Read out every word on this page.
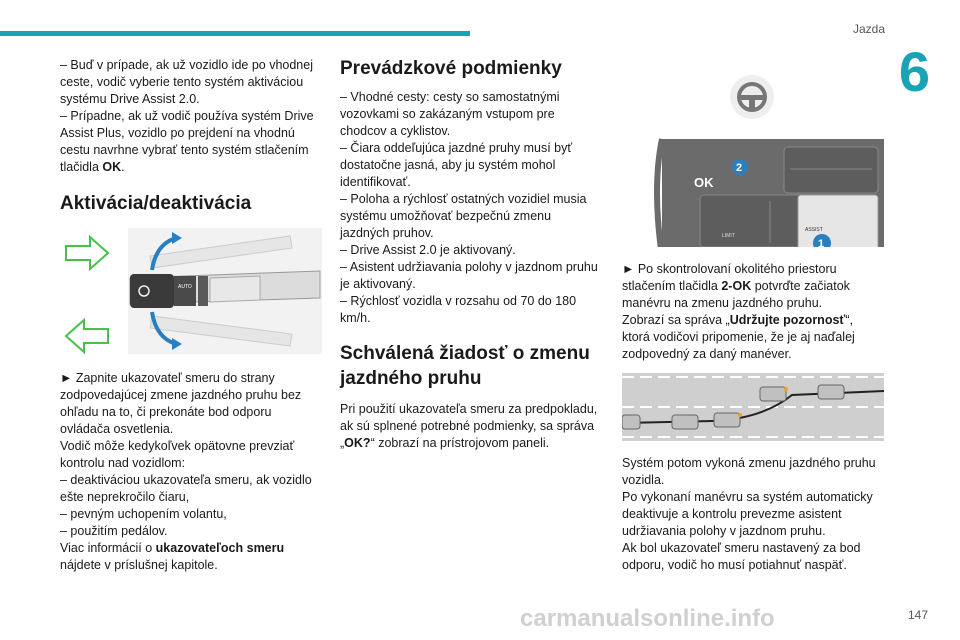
Jazda
6

– Buď v prípade, ak už vozidlo ide po vhodnej ceste, vodič vyberie tento systém aktiváciou systému Drive Assist 2.0.

– Prípadne, ak už vodič používa systém Drive Assist Plus, vozidlo po prejdení na vhodnú cestu navrhne vybrať tento systém stlačením tlačidla OK.

Aktivácia/deaktivácia
AUTO

► Zapnite ukazovateľ smeru do strany zodpovedajúcej zmene jazdného pruhu bez ohľadu na to, či prekonáte bod odporu ovládača osvetlenia.

Vodič môže kedykoľvek opätovne prevziať kontrolu nad vozidlom:

– deaktiváciou ukazovateľa smeru, ak vozidlo ešte neprekročilo čiaru,

– pevným uchopením volantu,

– použitím pedálov.

Viac informácií o ukazovateľoch smeru nájdete v príslušnej kapitole.

Prevádzkové podmienky

– Vhodné cesty: cesty so samostatnými vozovkami so zakázaným vstupom pre chodcov a cyklistov.

– Čiara oddeľujúca jazdné pruhy musí byť dostatočne jasná, aby ju systém mohol identifikovať.

– Poloha a rýchlosť ostatných vozidiel musia systému umožňovať bezpečnú zmenu jazdných pruhov.

– Drive Assist 2.0 je aktivovaný.

– Asistent udržiavania polohy v jazdnom pruhu je aktivovaný.

– Rýchlosť vozidla v rozsahu od 70 do 180 km/h.

Schválená žiadosť o zmenu jazdného pruhu

Pri použití ukazovateľa smeru za predpokladu, ak sú splnené potrebné podmienky, sa správa „OK?“ zobrazí na prístrojovom paneli.

OK
2
1
ASSIST
LIMIT

► Po skontrolovaní okolitého priestoru stlačením tlačidla 2-OK potvrďte začiatok manévru na zmenu jazdného pruhu.

Zobrazí sa správa „Udržujte pozornosť“, ktorá vodičovi pripomenie, že je aj naďalej zodpovedný za daný manéver.

Systém potom vykoná zmenu jazdného pruhu vozidla.

Po vykonaní manévru sa systém automaticky deaktivuje a kontrolu prevezme asistent udržiavania polohy v jazdnom pruhu.

Ak bol ukazovateľ smeru nastavený za bod odporu, vodič ho musí potiahnuť naspäť.

carmanualsonline.info	147
